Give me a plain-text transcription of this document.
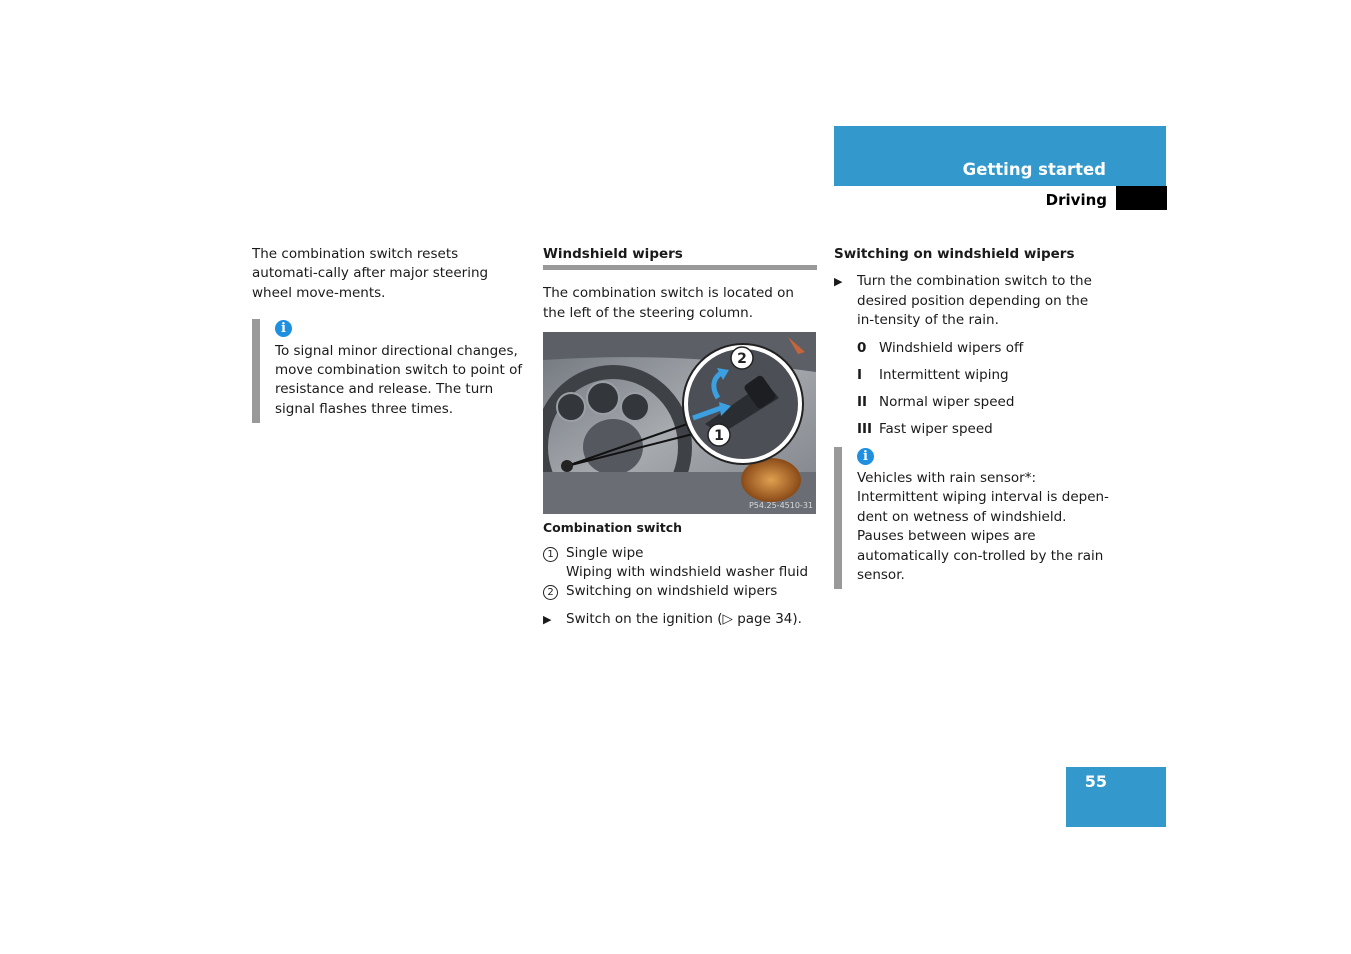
Getting started
Driving

The combination switch resets automati-cally after major steering wheel move-ments.

i

To signal minor directional changes, move combination switch to point of resistance and release. The turn signal flashes three times.

Windshield wipers

The combination switch is located on the left of the steering column.

2
1
P54.25-4510-31

Combination switch

1 Single wipe

Wiping with windshield washer fluid

2 Switching on windshield wipers

▶ Switch on the ignition (▷ page 34).

Switching on windshield wipers

▶ Turn the combination switch to the desired position depending on the in-tensity of the rain.

0 Windshield wipers off
I Intermittent wiping
II Normal wiper speed
III Fast wiper speed
i

Vehicles with rain sensor*: Intermittent wiping interval is depen-dent on wetness of windshield. Pauses between wipes are automatically con-trolled by the rain sensor.

55
